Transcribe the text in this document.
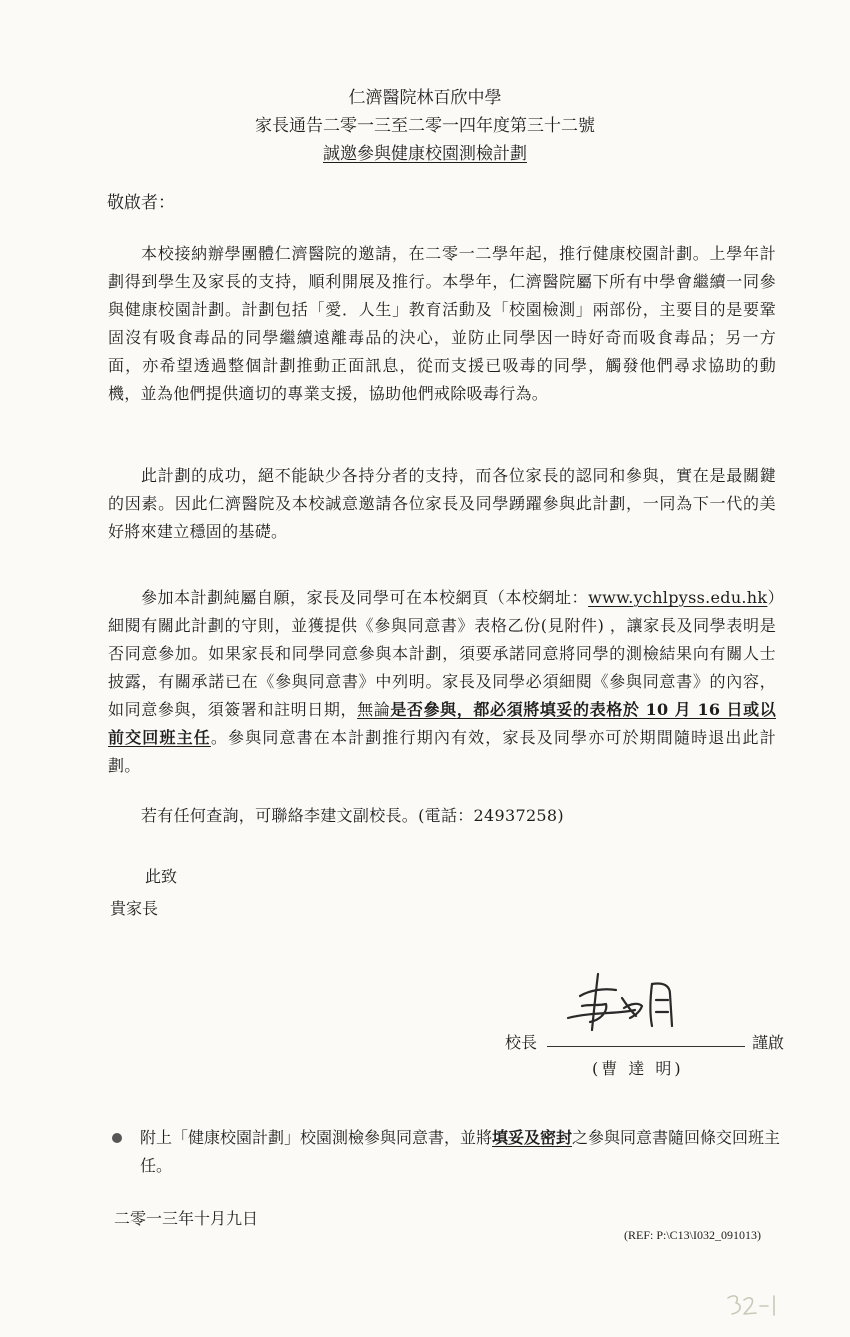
仁濟醫院林百欣中學
家長通告二零一三至二零一四年度第三十二號
誠邀參與健康校園測檢計劃
敬啟者：
本校接納辦學團體仁濟醫院的邀請，在二零一二學年起，推行健康校園計劃。上學年計劃得到學生及家長的支持，順利開展及推行。本學年，仁濟醫院屬下所有中學會繼續一同參與健康校園計劃。計劃包括「愛．人生」教育活動及「校園檢測」兩部份，主要目的是要鞏固沒有吸食毒品的同學繼續遠離毒品的決心，並防止同學因一時好奇而吸食毒品；另一方面，亦希望透過整個計劃推動正面訊息，從而支援已吸毒的同學，觸發他們尋求協助的動機，並為他們提供適切的專業支援，協助他們戒除吸毒行為。
此計劃的成功，絕不能缺少各持分者的支持，而各位家長的認同和參與，實在是最關鍵的因素。因此仁濟醫院及本校誠意邀請各位家長及同學踴躍參與此計劃，一同為下一代的美好將來建立穩固的基礎。
參加本計劃純屬自願，家長及同學可在本校網頁（本校網址：www.ychlpyss.edu.hk）細閱有關此計劃的守則，並獲提供《參與同意書》表格乙份(見附件) ，讓家長及同學表明是否同意參加。如果家長和同學同意參與本計劃，須要承諾同意將同學的測檢結果向有關人士披露，有關承諾已在《參與同意書》中列明。家長及同學必須細閱《參與同意書》的內容，如同意參與，須簽署和註明日期，無論是否參與，都必須將填妥的表格於 10 月 16 日或以前交回班主任。參與同意書在本計劃推行期內有效，家長及同學亦可於期間隨時退出此計劃。
若有任何查詢，可聯絡李建文副校長。(電話：24937258)
此致
貴家長
校長	謹啟
(曹 達 明)
附上「健康校園計劃」校園測檢參與同意書，並將填妥及密封之參與同意書隨回條交回班主任。
二零一三年十月九日
(REF: P:\C13\I032_091013)
